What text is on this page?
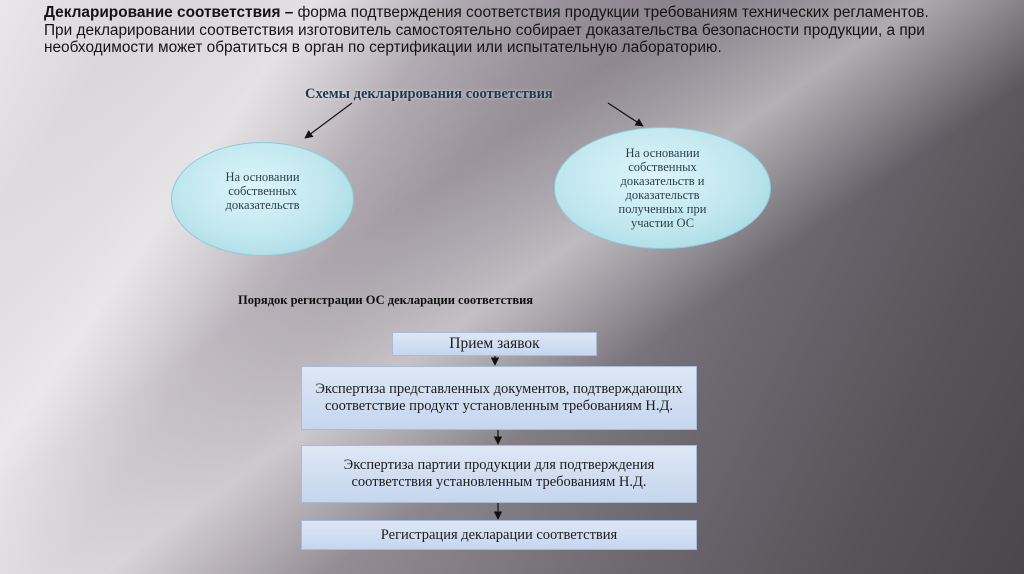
Декларирование соответствия – форма подтверждения соответствия продукции требованиям технических регламентов.

При декларировании соответствия изготовитель самостоятельно собирает доказательства безопасности продукции, а при необходимости может обратиться в орган по сертификации или испытательную лабораторию.

Схемы декларирования соответствия
На основании собственных доказательств
На основании собственных доказательств и доказательств полученных при участии ОС
Порядок регистрации ОС декларации соответствия
Прием заявок
Экспертиза представленных документов, подтверждающих соответствие продукт установленным требованиям Н.Д.
Экспертиза партии продукции для подтверждения соответствия установленным требованиям Н.Д.
Регистрация декларации соответствия
